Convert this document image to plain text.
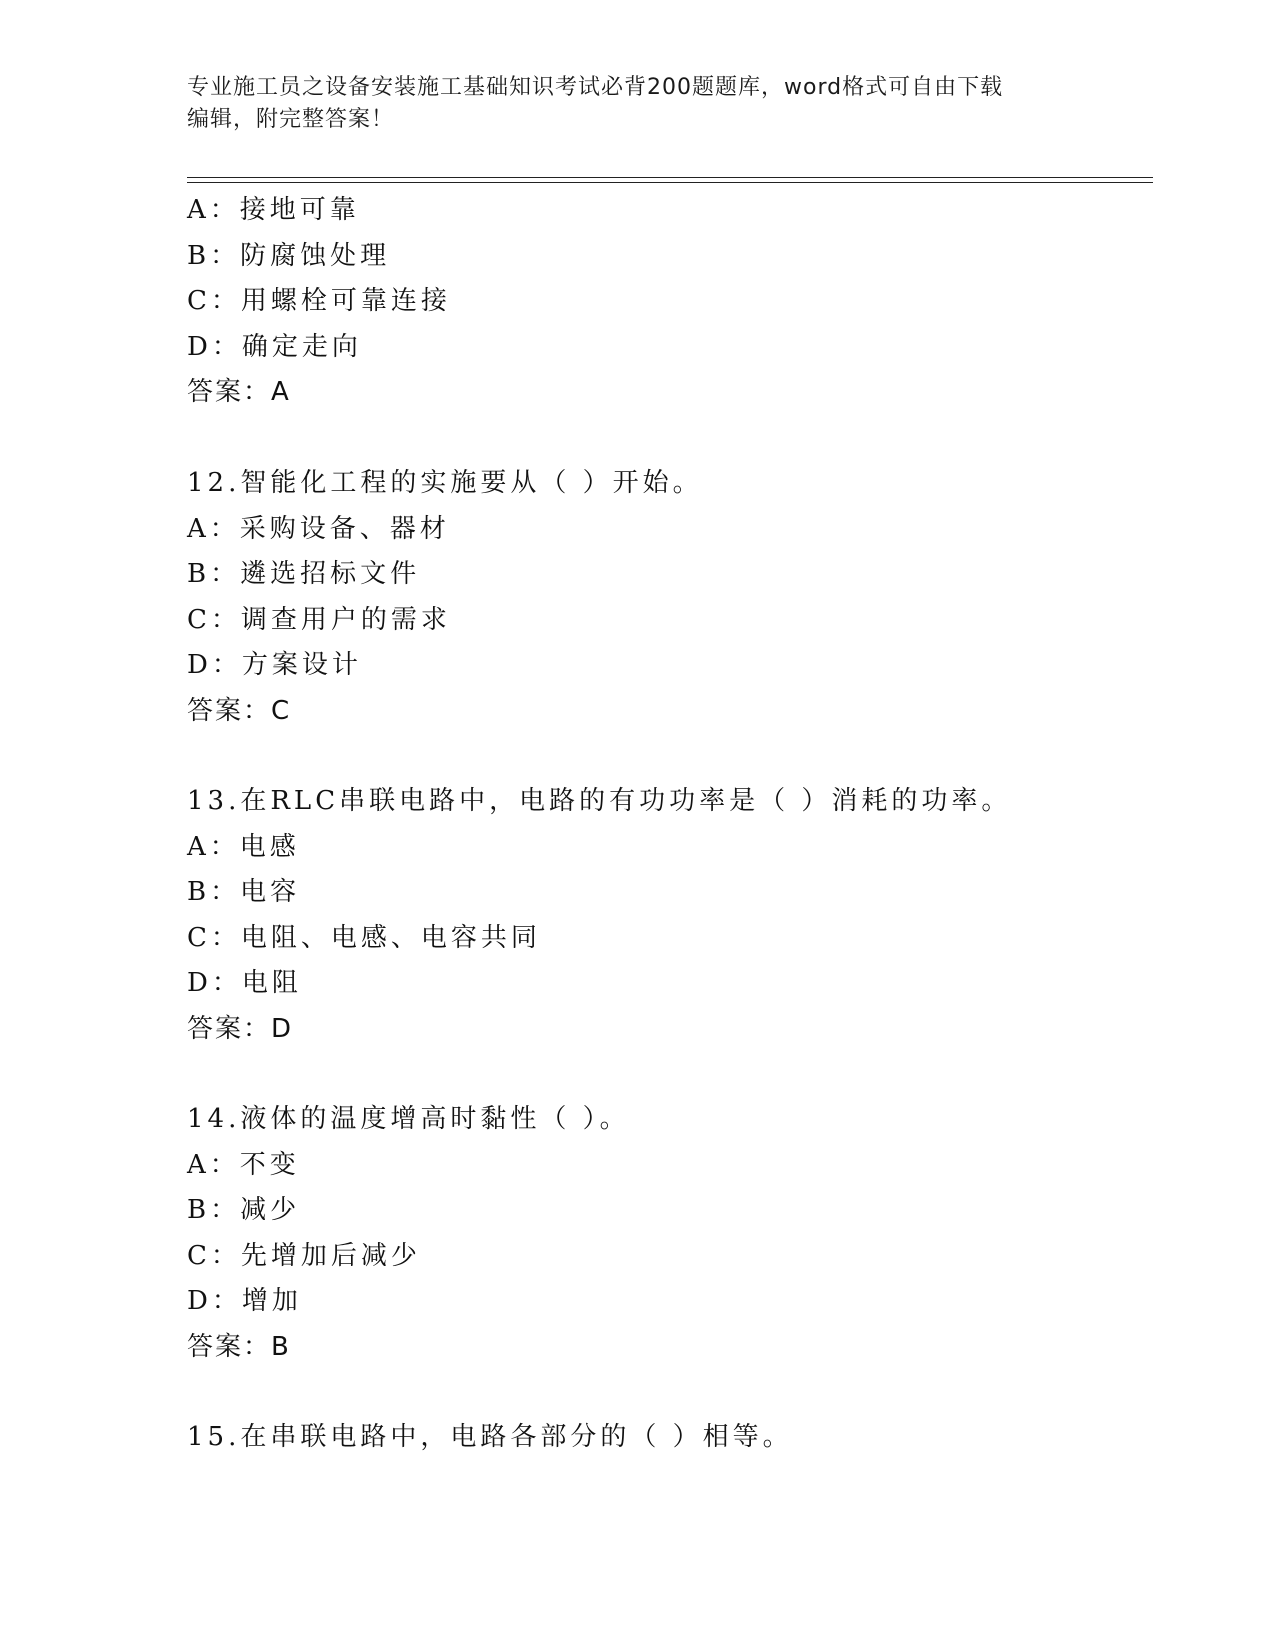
专业施工员之设备安装施工基础知识考试必背200题题库，word格式可自由下载
编辑，附完整答案！
A：接地可靠
B：防腐蚀处理
C：用螺栓可靠连接
D：确定走向
答案：A
12.智能化工程的实施要从（ ）开始。
A：采购设备、器材
B：遴选招标文件
C：调查用户的需求
D：方案设计
答案：C
13.在RLC串联电路中，电路的有功功率是（ ）消耗的功率。
A：电感
B：电容
C：电阻、电感、电容共同
D：电阻
答案：D
14.液体的温度增高时黏性（ ）。
A：不变
B：减少
C：先增加后减少
D：增加
答案：B
15.在串联电路中，电路各部分的（ ）相等。
